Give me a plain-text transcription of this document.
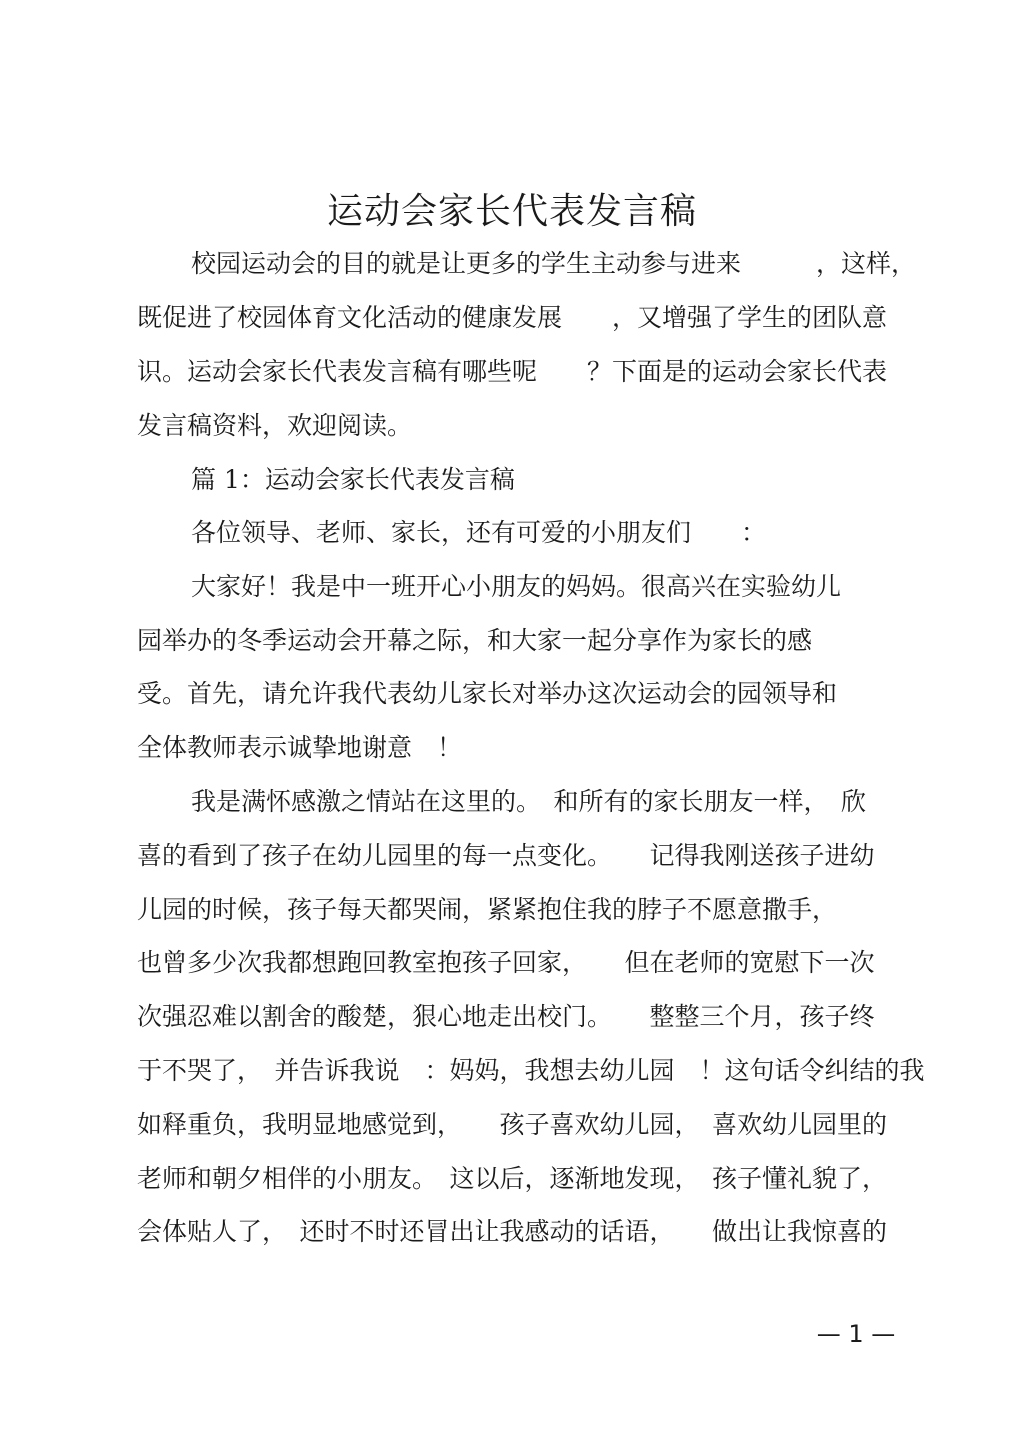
运动会家长代表发言稿
校园运动会的目的就是让更多的学生主动参与进来　　　，这样，
既促进了校园体育文化活动的健康发展　　，又增强了学生的团队意
识。运动会家长代表发言稿有哪些呢　　？下面是的运动会家长代表
发言稿资料，欢迎阅读。
篇 1：运动会家长代表发言稿
各位领导、老师、家长，还有可爱的小朋友们　　：
大家好！我是中一班开心小朋友的妈妈。很高兴在实验幼儿
园举办的冬季运动会开幕之际，和大家一起分享作为家长的感
受。首先，请允许我代表幼儿家长对举办这次运动会的园领导和
全体教师表示诚挚地谢意　！
我是满怀感激之情站在这里的。　和所有的家长朋友一样，　欣
喜的看到了孩子在幼儿园里的每一点变化。　　记得我刚送孩子进幼
儿园的时候，孩子每天都哭闹，紧紧抱住我的脖子不愿意撒手，
也曾多少次我都想跑回教室抱孩子回家，　　但在老师的宽慰下一次
次强忍难以割舍的酸楚，狠心地走出校门。　　整整三个月，孩子终
于不哭了，　并告诉我说　：妈妈，我想去幼儿园　！这句话令纠结的我
如释重负，我明显地感觉到，　　孩子喜欢幼儿园，　喜欢幼儿园里的
老师和朝夕相伴的小朋友。　这以后，逐渐地发现，　孩子懂礼貌了，
会体贴人了，　还时不时还冒出让我感动的话语，　　做出让我惊喜的
— 1 —
